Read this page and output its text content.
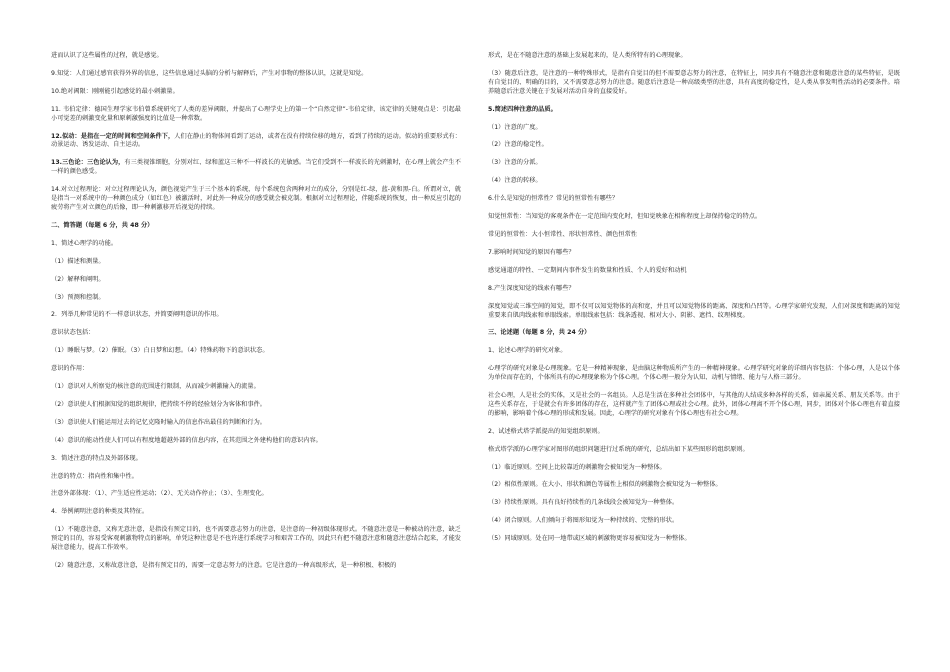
进而认识了这些属性的过程，就是感觉。

9.知觉：人们通过感官获得外界的信息，这些信息通过头脑的分析与解释后，产生对事物的整体认识，这就是知觉。

10.绝对阈限：刚刚能引起感觉的最小刺激量。

11. 韦伯定律：德国生理学家韦伯曾系统研究了人类的差异阈限，并提出了心理学史上的第一个“自然定律”-韦伯定律，该定律的关键观点是：引起最小可觉差的刺激变化量和原刺激强度的比值是一种常数。

12.似动：是指在一定的时间和空间条件下，人们在静止的物体间看到了运动，或者在没有持续位移的地方，看到了持续的运动。似动的重要形式有：动景运动、诱发运动、自主运动。

13.三色论：三色论认为，有三类视锥细胞，分别对红、绿和蓝这三种不一样波长的光敏感。当它们受到不一样波长的光刺激时，在心理上就会产生不一样的颜色感受。

14.对立过程理论：对立过程理论认为，颜色视觉产生于三个基本的系统，每个系统包含两种对立的成分，分别是红-绿，蓝-黄和黑-白。所谓对立，就是指当一对系统中的一种颜色成分（如红色）被激活时，对此外一种成分的感受就会被克制。根据对立过程理论，伴随系统的恢复，由一种反应引起的疲劳将产生对立颜色的后像，即一种刺激移开后视觉的持续。

二、简答题（每题 6 分，共 48 分）

1、简述心理学的功能。

（1）描述和测量。

（2）解释和阐明。

（3）预测和控制。

2．列举几种常见的不一样意识状态，并简要阐明意识的作用。

意识状态包括：

（1）睡眠与梦。（2）催眠。（3）白日梦和幻想。（4）特殊药物下的意识状态。

意识的作用：

（1）意识对人所察觉的核注意的范围进行限制，从而减少刺激输入的流量。

（2）意识使人们根据知觉的组织规律，把持续不停的经验划分为客体和事件。

（3）意识使人们能运用过去的记忆克隆时输入的信息作出最佳的判断和行为。

（4）意识的能动性使人们可以有程度地超越外部的信息内容，在其范围之外建构他们的意识内容。

3．简述注意的特点及外部体现。

注意的特点：指向性和集中性。

注意外部体现：（1）、产生适应性运动；（2）、无关动作停止；（3）、生理变化。

4．举例阐明注意的种类及其特征。

（1）不随意注意，又称无意注意，是指没有预定目的，也不需要意志努力的注意，是注意的一种初级体现形式。不随意注意是一种被动的注意，缺乏预定的目的，容易受客观刺激物特点的影响，单凭这种注意是不也许进行系统学习和艰苦工作的，因此只有把不随意注意和随意注意结合起来，才能发展注意能力，提高工作效率。

（2）随意注意，又称故意注意，是指有预定目的，需要一定意志努力的注意。它是注意的一种高级形式，是一种积极、积极的

形式，是在不随意注意的基础上发展起来的，是人类所特有的心理现象。

（3）随意后注意，是注意的一种特殊形式，是指有自觉目的但不需要意志努力的注意，在特征上，同步具有不随意注意和随意注意的某些特征，是既有自觉目的、明确的目的，又不需要意志努力的注意。随意后注意是一种高级类型的注意，具有高度的稳定性，是人类从事发明性活动的必要条件。培养随意后注意关键在于发展对活动自身的直接爱好。

5.简述四种注意的品质。

（1）注意的广度。

（2）注意的稳定性。

（3）注意的分派。

（4）注意的转移。

6.什么是知觉的恒常性？常见的恒常性有哪些？

知觉恒常性：当知觉的客观条件在一定范围内变化时，但知觉映象在相称程度上却保持稳定的特点。

常见的恒常性：大小恒常性、形状恒常性、颜色恒常性

7.影响时间知觉的原因有哪些？

感觉通道的特性、一定期间内事件发生的数量和性质、个人的爱好和动机

8.产生深度知觉的线索有哪些？

深度知觉或三维空间的知觉，即不仅可以知觉物体的高和宽，并且可以知觉物体的距离、深度和凸凹等。心理学家研究发现，人们对深度和距离的知觉重要来自肌肉线索和单眼线索。单眼线索包括：线条透视、相对大小、阴影、遮挡、纹理梯度。

三、论述题（每题 8 分，共 24 分）

1、论述心理学的研究对象。

心理学的研究对象是心理现象。它是一种精神现象，是由脑这种物质所产生的一种精神现象。心理学研究对象的详细内容包括：个体心理，人是以个体为单位而存在的，个体所具有的心理现象称为个体心理。个体心理一般分为认知、动机与情绪、能力与人格三部分。

社会心理，人是社会的实体，又是社会的一名组员。人总是生活在多种社会团体中，与其他的人结成多种各样的关系，如亲属关系、朋友关系等。由于这些关系存在，于是就会有许多团体的存在，这样就产生了团体心理或社会心理。此外，团体心理离不开个体心理，同步，团体对个体心理也有着直接的影响，影响着个体心理的形成和发展。因此，心理学的研究对象有个体心理也有社会心理。

2、试述格式塔学派提出的知觉组织原则。

格式塔学派的心理学家对图形的组织问题进行过系统的研究，总结出如下某些图形的组织原则。

（1）临近原则。空间上比较靠近的刺激物会被知觉为一种整体。

（2）相似性原则。在大小、形状和颜色等属性上相似的刺激物会被知觉为一种整体。

（3）持续性原则。具有良好持续性的几条线段会被知觉为一种整体。

（4）闭合原则。人们倾向于将图形知觉为一种持续的、完整的形状。

（5）同域原则。处在同一地带或区域的刺激物更容易被知觉为一种整体。
